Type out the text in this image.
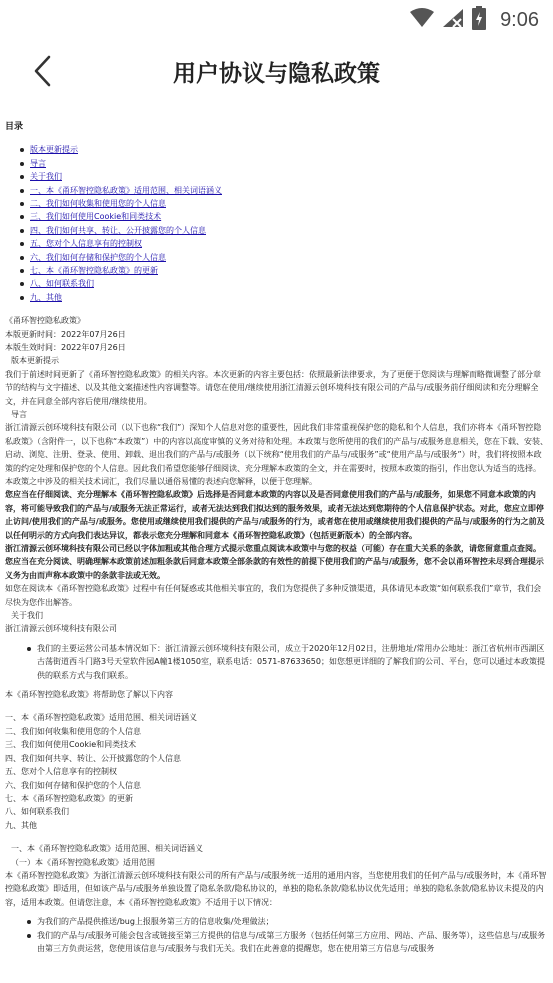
9:06
用户协议与隐私政策
目录
版本更新提示
导言
关于我们
一、本《甬环智控隐私政策》适用范围、相关词语涵义
二、我们如何收集和使用您的个人信息
三、我们如何使用Cookie和同类技术
四、我们如何共享、转让、公开披露您的个人信息
五、您对个人信息享有的控制权
六、我们如何存储和保护您的个人信息
七、本《甬环智控隐私政策》的更新
八、如何联系我们
九、其他

《甬环智控隐私政策》

本版更新时间：2022年07月26日

本版生效时间：2022年07月26日

版本更新提示

我们于前述时间更新了《甬环智控隐私政策》的相关内容。本次更新的内容主要包括：依照最新法律要求，为了更便于您阅读与理解而略微调整了部分章节的结构与文字描述、以及其他文案描述性内容调整等。请您在使用/继续使用浙江清源云创环境科技有限公司的产品与/或服务前仔细阅读和充分理解全文，并在同意全部内容后使用/继续使用。

导言

浙江清源云创环境科技有限公司（以下也称“我们”）深知个人信息对您的重要性，因此我们非常重视保护您的隐私和个人信息，我们亦将本《甬环智控隐私政策》（含附件一，以下也称“本政策”）中的内容以高度审慎的义务对待和处理。本政策与您所使用的我们的产品与/或服务息息相关，您在下载、安装、启动、浏览、注册、登录、使用、卸载、退出我们的产品与/或服务（以下统称“使用我们的产品与/或服务”或“使用产品与/或服务”）时，我们将按照本政策的约定处理和保护您的个人信息。因此我们希望您能够仔细阅读、充分理解本政策的全文，并在需要时，按照本政策的指引，作出您认为适当的选择。本政策之中涉及的相关技术词汇，我们尽量以通俗易懂的表述向您解释，以便于您理解。

您应当在仔细阅读、充分理解本《甬环智控隐私政策》后选择是否同意本政策的内容以及是否同意使用我们的产品与/或服务，如果您不同意本政策的内容，将可能导致我们的产品与/或服务无法正常运行，或者无法达到我们拟达到的服务效果，或者无法达到您期待的个人信息保护状态。对此，您应立即停止访问/使用我们的产品与/或服务。您使用或继续使用我们提供的产品与/或服务的行为，或者您在使用或继续使用我们提供的产品与/或服务的行为之前及以任何明示的方式向我们表达异议，都表示您充分理解和同意本《甬环智控隐私政策》（包括更新版本）的全部内容。

浙江清源云创环境科技有限公司已经以字体加粗或其他合理方式提示您重点阅读本政策中与您的权益（可能）存在重大关系的条款，请您留意重点查阅。您应当在充分阅读、明确理解本政策前述加粗条款后同意本政策全部条款的有效性的前提下使用我们的产品与/或服务，您不会以甬环智控未尽到合理提示义务为由而声称本政策中的条款非法或无效。

如您在阅读本《甬环智控隐私政策》过程中有任何疑惑或其他相关事宜的，我们为您提供了多种反馈渠道，具体请见本政策“如何联系我们”章节，我们会尽快为您作出解答。

关于我们

浙江清源云创环境科技有限公司

我们的主要运营公司基本情况如下：浙江清源云创环境科技有限公司，成立于2020年12月02日，注册地址/常用办公地址：浙江省杭州市西湖区古荡街道西斗门路3号天堂软件园A幢1楼1050室，联系电话：0571-87633650；如您想更详细的了解我们的公司、平台，您可以通过本政策提供的联系方式与我们联系。

本《甬环智控隐私政策》将帮助您了解以下内容

一、本《甬环智控隐私政策》适用范围、相关词语涵义

二、我们如何收集和使用您的个人信息

三、我们如何使用Cookie和同类技术

四、我们如何共享、转让、公开披露您的个人信息

五、您对个人信息享有的控制权

六、我们如何存储和保护您的个人信息

七、本《甬环智控隐私政策》的更新

八、如何联系我们

九、其他

一、本《甬环智控隐私政策》适用范围、相关词语涵义

（一）本《甬环智控隐私政策》适用范围

本《甬环智控隐私政策》为浙江清源云创环境科技有限公司的所有产品与/或服务统一适用的通用内容，当您使用我们的任何产品与/或服务时，本《甬环智控隐私政策》即适用，但如该产品与/或服务单独设置了隐私条款/隐私协议的，单独的隐私条款/隐私协议优先适用；单独的隐私条款/隐私协议未提及的内容，适用本政策。但请您注意，本《甬环智控隐私政策》不适用于以下情况：

为我们的产品提供推送/bug上报服务第三方的信息收集/处理做法；
我们的产品与/或服务可能会包含或链接至第三方提供的信息与/或第三方服务（包括任何第三方应用、网站、产品、服务等），这些信息与/或服务由第三方负责运营，您使用该信息与/或服务与我们无关。我们在此善意的提醒您，您在使用第三方信息与/或服务
